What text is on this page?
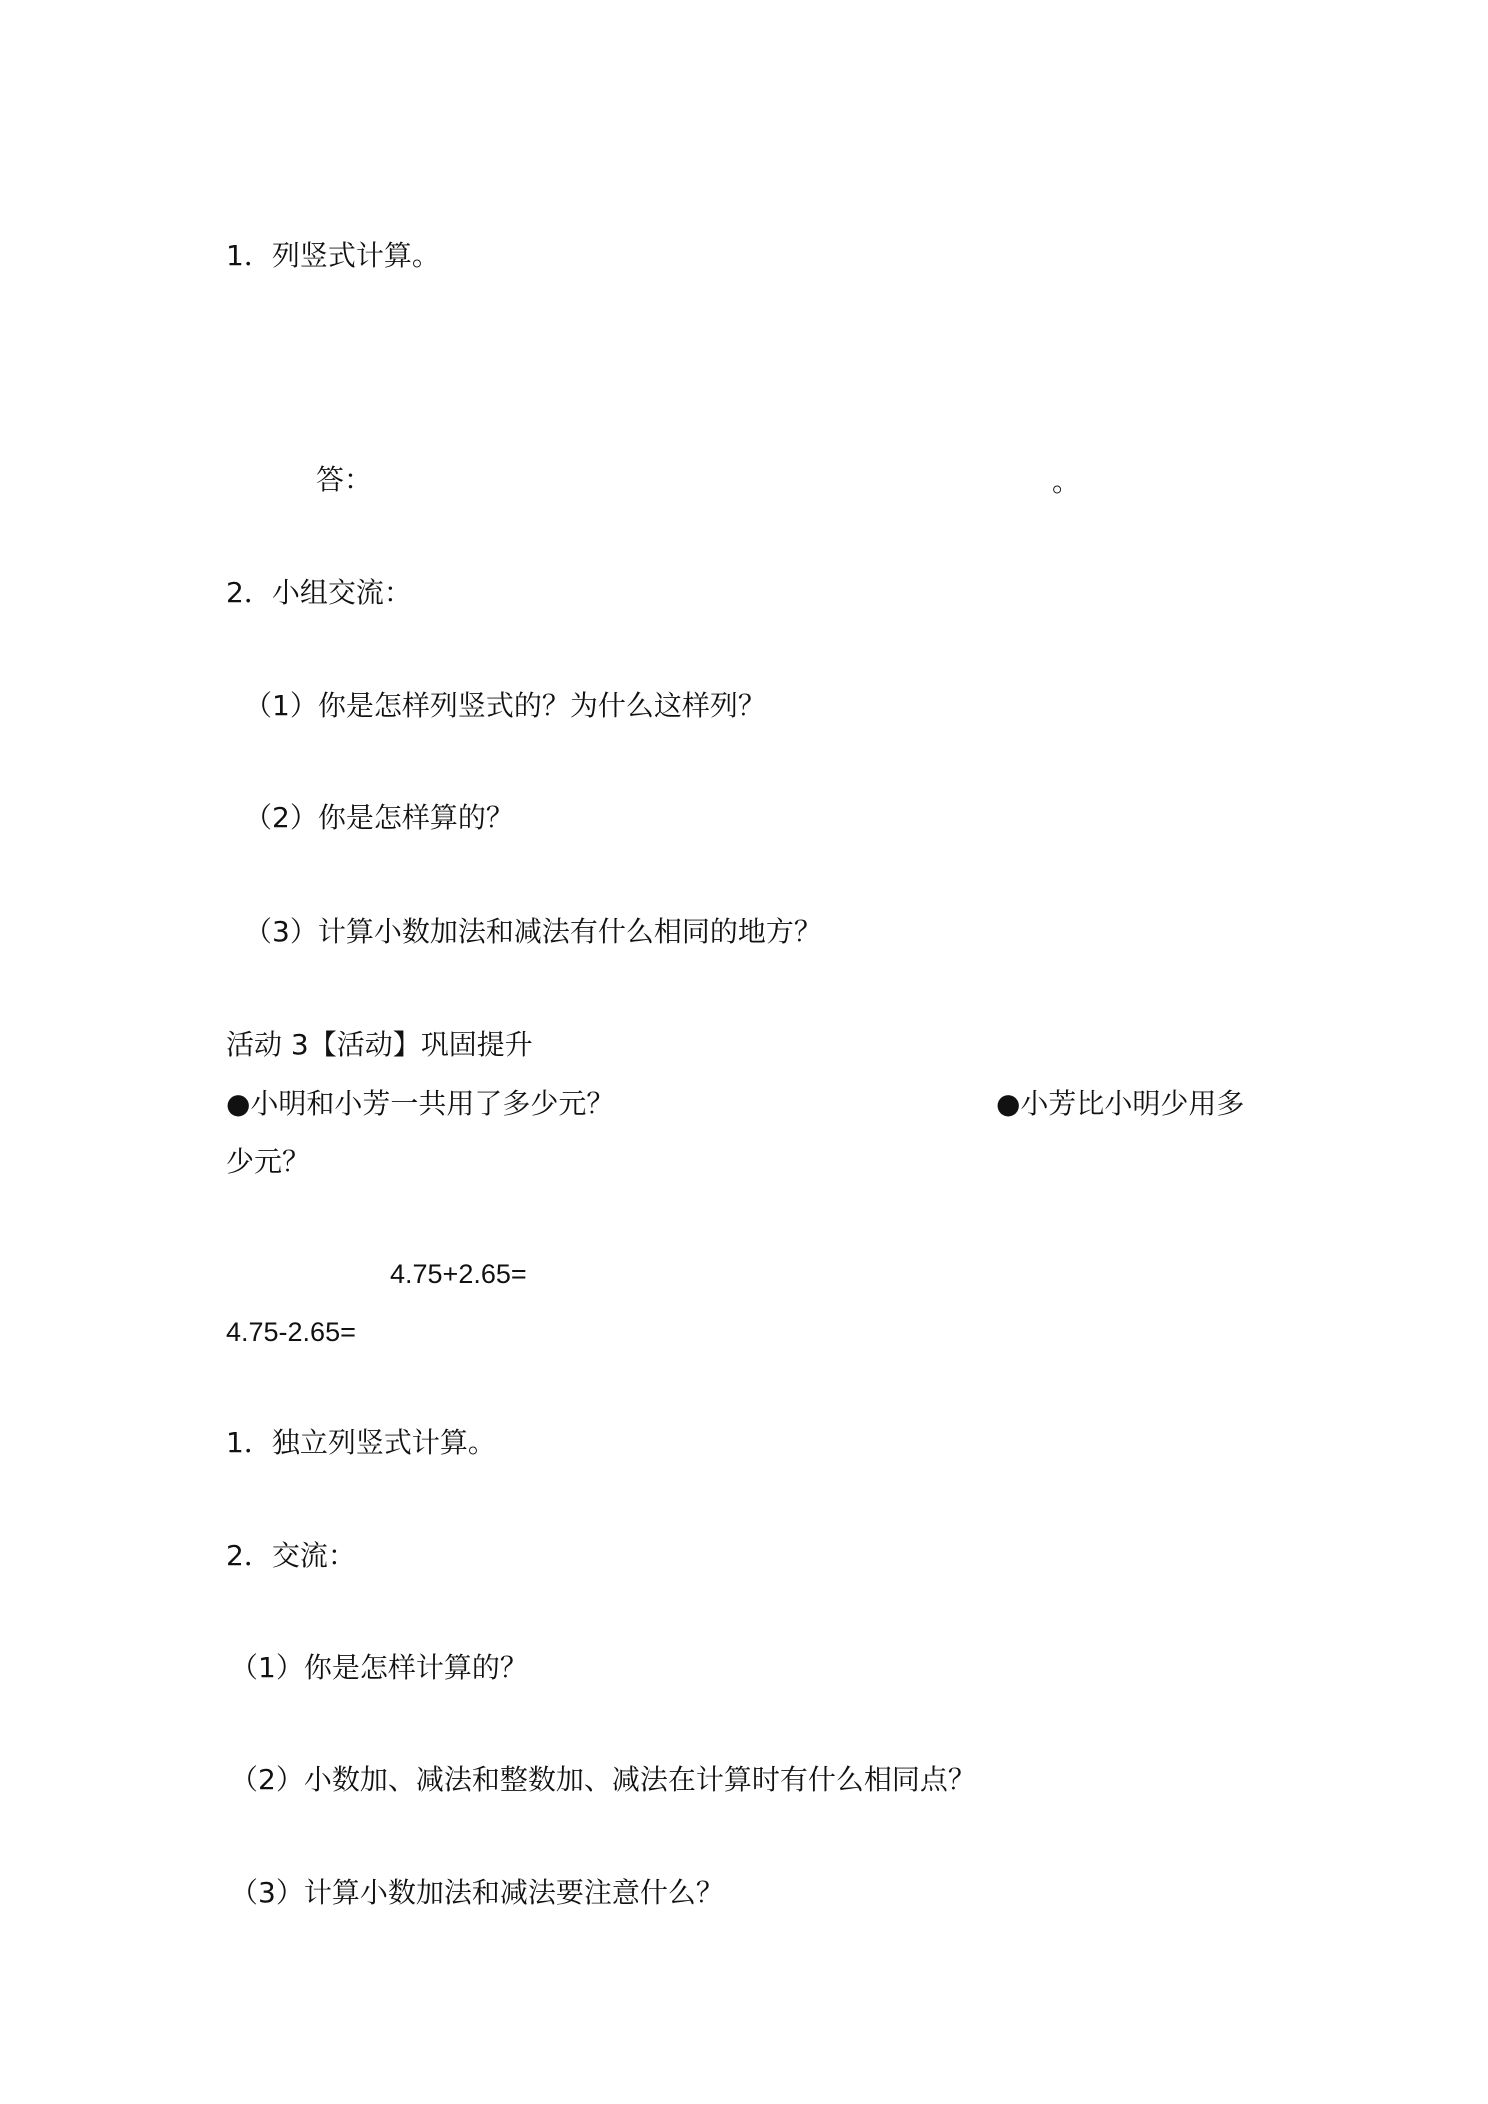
1．列竖式计算。
答：	。
2．小组交流：
（1）你是怎样列竖式的？为什么这样列？
（2）你是怎样算的？
（3）计算小数加法和减法有什么相同的地方？
活动 3【活动】巩固提升
●小明和小芳一共用了多少元？	●小芳比小明少用多
少元？
4.75+2.65=
4.75-2.65=
1．独立列竖式计算。
2．交流：
（1）你是怎样计算的？
（2）小数加、减法和整数加、减法在计算时有什么相同点？
（3）计算小数加法和减法要注意什么？
